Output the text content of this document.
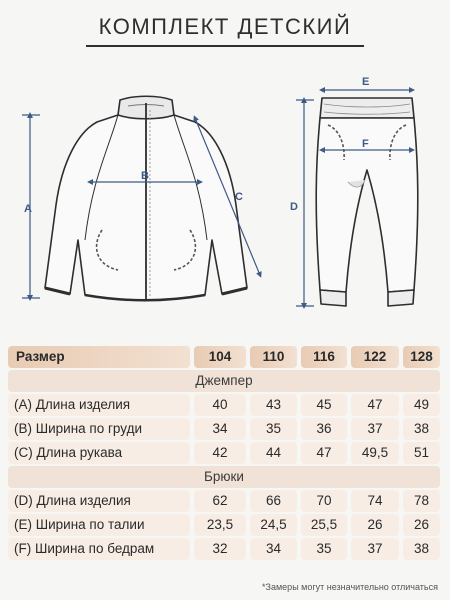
КОМПЛЕКТ ДЕТСКИЙ
A
B
C
E
F
D
Размер	104	110	116	122	128
Джемпер
(A) Длина изделия	40	43	45	47	49
(B) Ширина по груди	34	35	36	37	38
(C) Длина рукава	42	44	47	49,5	51
Брюки
(D) Длина изделия	62	66	70	74	78
(E) Ширина по талии	23,5	24,5	25,5	26	26
(F) Ширина по бедрам	32	34	35	37	38
*Замеры могут незначительно отличаться
